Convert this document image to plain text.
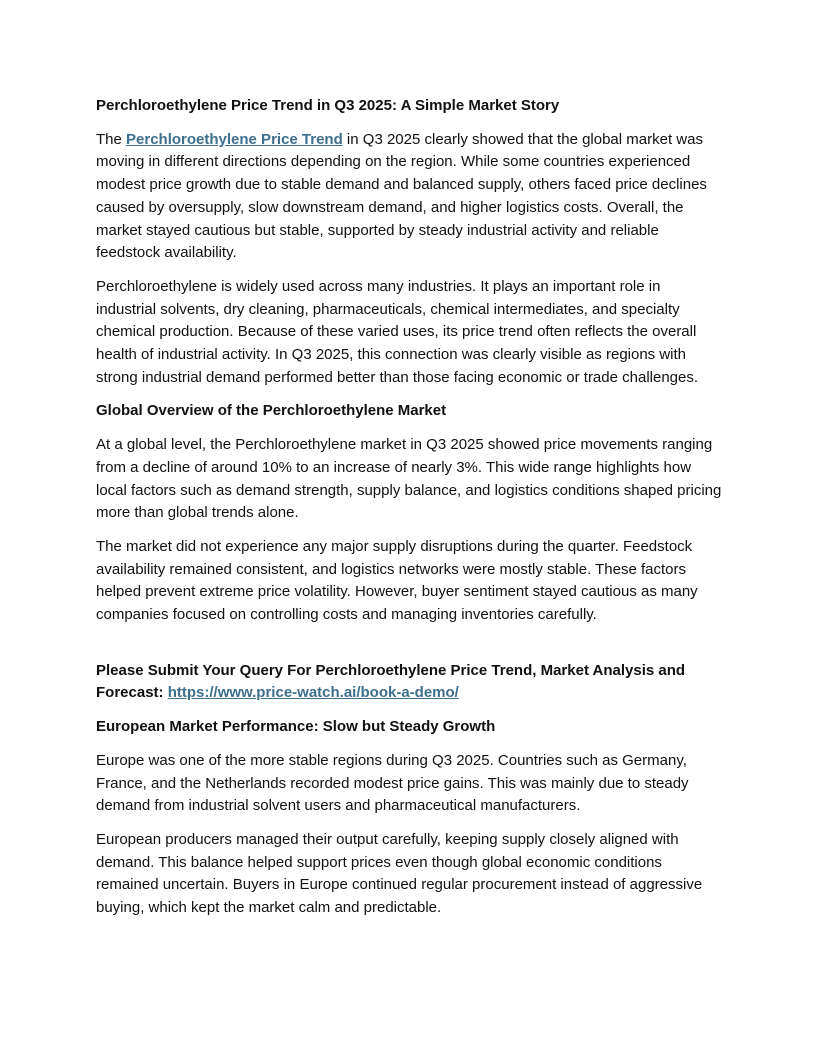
Perchloroethylene Price Trend in Q3 2025: A Simple Market Story

The Perchloroethylene Price Trend in Q3 2025 clearly showed that the global market was moving in different directions depending on the region. While some countries experienced modest price growth due to stable demand and balanced supply, others faced price declines caused by oversupply, slow downstream demand, and higher logistics costs. Overall, the market stayed cautious but stable, supported by steady industrial activity and reliable feedstock availability.

Perchloroethylene is widely used across many industries. It plays an important role in industrial solvents, dry cleaning, pharmaceuticals, chemical intermediates, and specialty chemical production. Because of these varied uses, its price trend often reflects the overall health of industrial activity. In Q3 2025, this connection was clearly visible as regions with strong industrial demand performed better than those facing economic or trade challenges.

Global Overview of the Perchloroethylene Market

At a global level, the Perchloroethylene market in Q3 2025 showed price movements ranging from a decline of around 10% to an increase of nearly 3%. This wide range highlights how local factors such as demand strength, supply balance, and logistics conditions shaped pricing more than global trends alone.

The market did not experience any major supply disruptions during the quarter. Feedstock availability remained consistent, and logistics networks were mostly stable. These factors helped prevent extreme price volatility. However, buyer sentiment stayed cautious as many companies focused on controlling costs and managing inventories carefully.

Please Submit Your Query For Perchloroethylene Price Trend, Market Analysis and Forecast: https://www.price-watch.ai/book-a-demo/

European Market Performance: Slow but Steady Growth

Europe was one of the more stable regions during Q3 2025. Countries such as Germany, France, and the Netherlands recorded modest price gains. This was mainly due to steady demand from industrial solvent users and pharmaceutical manufacturers.

European producers managed their output carefully, keeping supply closely aligned with demand. This balance helped support prices even though global economic conditions remained uncertain. Buyers in Europe continued regular procurement instead of aggressive buying, which kept the market calm and predictable.
